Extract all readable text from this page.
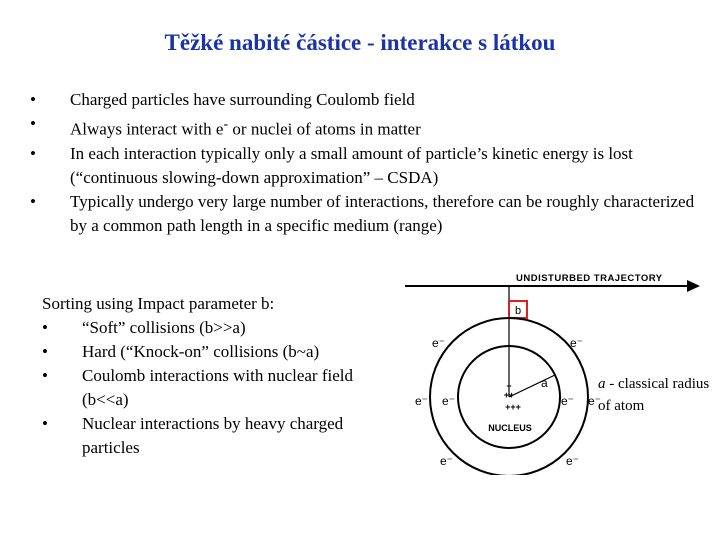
Těžké nabité částice - interakce s látkou
•	Charged particles have surrounding Coulomb field
•	Always interact with e- or nuclei of atoms in matter
•	In each interaction typically only a small amount of particle’s kinetic energy is lost (“continuous slowing-down approximation” – CSDA)
•	Typically undergo very large number of interactions, therefore can be roughly characterized by a common path length in a specific medium (range)

Sorting using Impact parameter b:

•	“Soft” collisions (b>>a)
•	Hard (“Knock-on” collisions (b~a)
•	Coulomb interactions with nuclear field (b<<a)
•	Nuclear interactions by heavy charged particles
UNDISTURBED TRAJECTORY
b
a
+
++
+++
NUCLEUS
e⁻	e⁻
e⁻ e⁻	e⁻ e⁻
e⁻	e⁻
a - classical radius of atom
